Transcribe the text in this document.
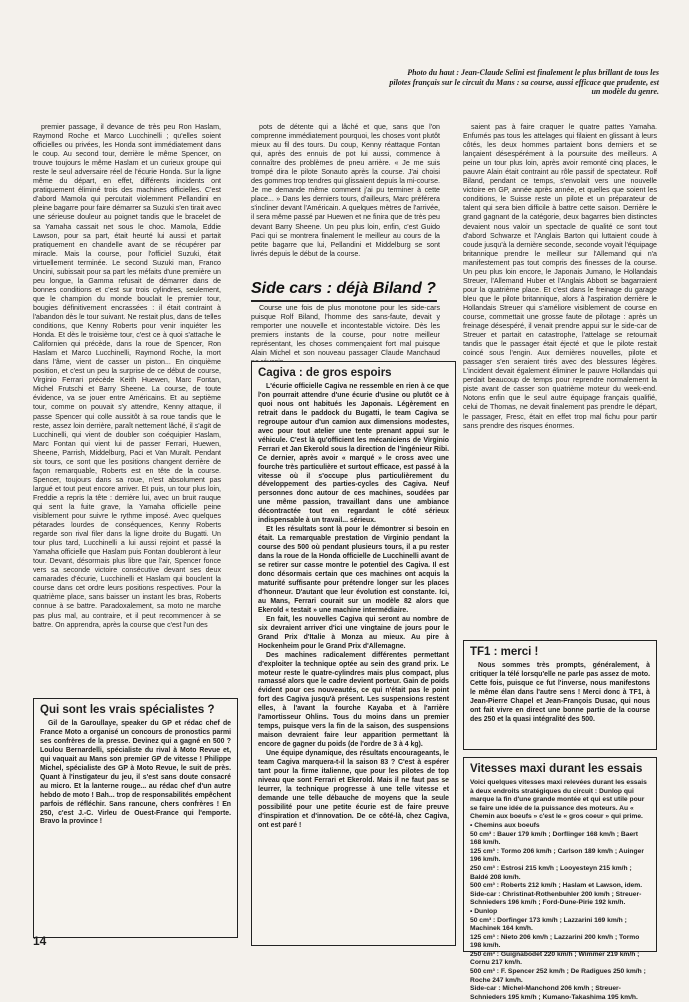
Photo du haut : Jean-Claude Selini est finalement le plus brillant de tous les pilotes français sur le circuit du Mans : sa course, aussi efficace que prudente, est un modèle du genre.

premier passage, il devance de très peu Ron Haslam, Raymond Roche et Marco Lucchinelli ; qu'elles soient officielles ou privées, les Honda sont immédiatement dans le coup. Au second tour, derrière le même Spencer, on trouve toujours le même Haslam et un curieux groupe qui reste le seul adversaire réel de l'écurie Honda. Sur la ligne même du départ, en effet, différents incidents ont pratiquement éliminé trois des machines officielles. C'est d'abord Mamola qui percutait violemment Pellandini en pleine bagarre pour faire démarrer sa Suzuki s'en tirait avec une sérieuse douleur au poignet tandis que le bracelet de sa Yamaha cassait net sous le choc. Mamola, Eddie Lawson, pour sa part, était heurté lui aussi et partait pratiquement en chandelle avant de se récupérer par miracle. Mais la course, pour l'officiel Suzuki, était virtuellement terminée. Le second Suzuki man, Franco Uncini, subissait pour sa part les méfaits d'une première un peu longue, la Gamma refusait de démarrer dans de bonnes conditions et c'est sur trois cylindres, seulement, que le champion du monde bouclait le premier tour, bougies définitivement encrassées : il était contraint à l'abandon dès le tour suivant. Ne restait plus, dans de telles conditions, que Kenny Roberts pour venir inquiéter les Honda. Et dès le troisième tour, c'est ce à quoi s'attache le Californien qui précède, dans la roue de Spencer, Ron Haslam et Marco Lucchinelli, Raymond Roche, la mort dans l'âme, vient de casser un piston... En cinquième position, et c'est un peu la surprise de ce début de course, Virginio Ferrari précède Keith Huewen, Marc Fontan, Michel Frutschi et Barry Sheene. La course, de toute évidence, va se jouer entre Américains. Et au septième tour, comme on pouvait s'y attendre, Kenny attaque, il passe Spencer qui colle aussitôt à sa roue tandis que le reste, assez loin derrière, paraît nettement lâché, il s'agit de Lucchinelli, qui vient de doubler son coéquipier Haslam, Marc Fontan qui vient lui de passer Ferrari, Huewen, Sheene, Parrish, Middelburg, Paci et Van Muralt. Pendant six tours, ce sont que les positions changent derrière de façon remarquable, Roberts est en tête de la course. Spencer, toujours dans sa roue, n'est absolument pas largué et tout peut encore arriver. Et puis, un tour plus loin, Freddie a repris la tête : derrière lui, avec un bruit rauque qui sent la fuite grave, la Yamaha officielle peine visiblement pour suivre le rythme imposé. Avec quelques pétarades lourdes de conséquences, Kenny Roberts regarde son rival filer dans la ligne droite du Bugatti. Un tour plus tard, Lucchinelli a lui aussi rejoint et passé la Yamaha officielle que Haslam puis Fontan doubleront à leur tour. Devant, désormais plus libre que l'air, Spencer fonce vers sa seconde victoire consécutive devant ses deux camarades d'écurie, Lucchinelli et Haslam qui bouclent la course dans cet ordre leurs positions respectives. Pour la quatrième place, sans baisser un instant les bras, Roberts connue à se battre. Paradoxalement, sa moto ne marche pas plus mal, au contraire, et il peut recommencer à se battre. On apprendra, après la course que c'est l'un des

pots de détente qui a lâché et que, sans que l'on comprenne immédiatement pourquoi, les choses vont plutôt mieux au fil des tours. Du coup, Kenny réattaque Fontan qui, après des ennuis de pot lui aussi, commence à connaître des problèmes de pneu arrière. « Je me suis trompé dira le pilote Sonauto après la course. J'ai choisi des gommes trop tendres qui glissaient depuis la mi-course. Je me demande même comment j'ai pu terminer à cette place... » Dans les derniers tours, d'ailleurs, Marc préférera s'incliner devant l'Américain. A quelques mètres de l'arrivée, il sera même passé par Huewen et ne finira que de très peu devant Barry Sheene. Un peu plus loin, enfin, c'est Guido Paci qui se montrera finalement le meilleur au cours de la petite bagarre que lui, Pellandini et Middelburg se sont livrés depuis le début de la course.

Side cars : déjà Biland ?

Course une fois de plus monotone pour les side-cars puisque Rolf Biland, l'homme des sans-faute, devait y remporter une nouvelle et incontestable victoire. Dès les premiers instants de la course, pour notre meilleur représentant, les choses commençaient fort mal puisque Alain Michel et son nouveau passager Claude Manchaud

saient pas à faire craquer le quatre pattes Yamaha. Enfumés pas tous les attelages qui filaient en glissant à leurs côtés, les deux hommes partaient bons derniers et se lançaient désespérément à la poursuite des meilleurs. A peine un tour plus loin, après avoir remonté cinq places, le pauvre Alain était contraint au rôle passif de spectateur. Rolf Biland, pendant ce temps, s'envolait vers une nouvelle victoire en GP, année après année, et quelles que soient les conditions, le Suisse reste un pilote et un préparateur de talent qui sera bien difficile à battre cette saison. Derrière le grand gagnant de la catégorie, deux bagarres bien distinctes devaient nous valoir un spectacle de qualité ce sont tout d'abord Schwarze et l'Anglais Barton qui luttaient coude à coude jusqu'à la dernière seconde, seconde voyait l'équipage britannique prendre le meilleur sur l'Allemand qui n'a manifestement pas tout compris des finesses de la course. Un peu plus loin encore, le Japonais Jumano, le Hollandais Streuer, l'Allemand Huber et l'Anglais Abbott se bagarraient pour la quatrième place. Et c'est dans le freinage du garage bleu que le pilote britannique, alors à l'aspiration derrière le Hollandais Streuer qui s'améliore visiblement de course en course, commettait une grosse faute de pilotage : après un freinage désespéré, il venait prendre appui sur le side-car de Streuer et partait en catastrophe, l'attelage se retournait tandis que le passager était éjecté et que le pilote restait coincé sous l'engin. Aux dernières nouvelles, pilote et passager s'en seraient tirés avec des blessures légères. L'incident devait également éliminer le pauvre Hollandais qui perdait beaucoup de temps pour reprendre normalement la piste avant de casser son quatrième moteur du week-end. Notons enfin que le seul autre équipage français qualifié, celui de Thomas, ne devait finalement pas prendre le départ, le passager, Fresc, était en effet trop mal fichu pour partir sans prendre des risques énormes.

Cagiva : de gros espoirs

L'écurie officielle Cagiva ne ressemble en rien à ce que l'on pourrait attendre d'une écurie d'usine ou plutôt ce à quoi nous ont habitués les Japonais. Légèrement en retrait dans le paddock du Bugatti, le team Cagiva se regroupe autour d'un camion aux dimensions modestes, avec pour tout atelier une tente prenant appui sur le véhicule. C'est là qu'officient les mécaniciens de Virginio Ferrari et Jan Ekerold sous la direction de l'ingénieur Ribi. Ce dernier, après avoir « marqué » le cross avec une fourche très particulière et surtout efficace, est passé à la vitesse où il s'occupe plus particulièrement du développement des parties-cycles des Cagiva. Neuf personnes donc autour de ces machines, soudées par une même passion, travaillant dans une ambiance décontractée tout en regardant le côté sérieux indispensable à un travail... sérieux.

Et les résultats sont là pour le démontrer si besoin en était. La remarquable prestation de Virginio pendant la course des 500 où pendant plusieurs tours, il a pu rester dans la roue de la Honda officielle de Lucchinelli avant de se retirer sur casse montre le potentiel des Cagiva. Il est donc désormais certain que ces machines ont acquis la maturité suffisante pour prétendre longer sur les places d'honneur. D'autant que leur évolution est constante. Ici, au Mans, Ferrari courait sur un modèle 82 alors que Ekerold « testait » une machine intermédiaire.

En fait, les nouvelles Cagiva qui seront au nombre de six devraient arriver d'ici une vingtaine de jours pour le Grand Prix d'Italie à Monza au mieux. Au pire à Hockenheim pour le Grand Prix d'Allemagne.

Des machines radicalement différentes permettant d'exploiter la technique optée au sein des grand prix. Le moteur reste le quatre-cylindres mais plus compact, plus ramassé alors que le cadre devient porteur. Gain de poids évident pour ces nouveautés, ce qui n'était pas le point fort des Cagiva jusqu'à présent. Les suspensions restent elles, à l'avant la fourche Kayaba et à l'arrière l'amortisseur Ohlins. Tous du moins dans un premier temps, puisque vers la fin de la saison, des suspensions maison devraient faire leur apparition permettant là encore de gagner du poids (de l'ordre de 3 à 4 kg).

Une équipe dynamique, des résultats encourageants, le team Cagiva marquera-t-il la saison 83 ? C'est à espérer tant pour la firme italienne, que pour les pilotes de top niveau que sont Ferrari et Ekerold. Mais il ne faut pas se leurrer, la technique progresse à une telle vitesse et demande une telle débauche de moyens que la seule possibilité pour une petite écurie est de faire preuve d'inspiration et d'innovation. De ce côté-là, chez Cagiva, ont est paré !

TF1 : merci !

Nous sommes très prompts, généralement, à critiquer la télé lorsqu'elle ne parle pas assez de moto. Cette fois, puisque ce fut l'inverse, nous manifestons le même élan dans l'autre sens ! Merci donc à TF1, à Jean-Pierre Chapel et Jean-François Dusac, qui nous ont fait vivre en direct une bonne partie de la course des 250 et la quasi intégralité des 500.

Vitesses maxi durant les essais
Voici quelques vitesses maxi relevées durant les essais à deux endroits stratégiques du circuit : Dunlop qui marque la fin d'une grande montée et qui est utile pour se faire une idée de la puissance des moteurs. Au « Chemin aux boeufs » c'est le « gros coeur » qui prime.
• Chemins aux boeufs
50 cm³ : Bauer 179 km/h ; Dorflinger 168 km/h ; Baert 168 km/h.
125 cm³ : Tormo 206 km/h ; Carlson 189 km/h ; Auinger 196 km/h.
250 cm³ : Estrosi 215 km/h ; Looyesteyn 215 km/h ; Baldé 208 km/h.
500 cm³ : Roberts 212 km/h ; Haslam et Lawson, idem.
Side-car : Christinat-Rothenbuhler 200 km/h ; Streuer-Schnieders 196 km/h ; Ford-Dune-Pirie 192 km/h.
• Dunlop
50 cm³ : Dorfinger 173 km/h ; Lazzarini 169 km/h ; Machinek 164 km/h.
125 cm³ : Nieto 206 km/h ; Lazzarini 200 km/h ; Tormo 198 km/h.
250 cm³ : Guignabodet 220 km/h ; Wimmer 219 km/h ; Cornu 217 km/h.
500 cm³ : F. Spencer 252 km/h ; De Radigues 250 km/h ; Roche 247 km/h.
Side-car : Michel-Manchond 206 km/h ; Streuer-Schnieders 195 km/h ; Kumano-Takashima 195 km/h.
Qui sont les vrais spécialistes ?

Gil de la Garoullaye, speaker du GP et rédac chef de France Moto a organisé un concours de pronostics parmi ses confrères de la presse. Devinez qui a gagné en 500 ? Loulou Bernardelli, spécialiste du rival à Moto Revue et, qui vaquait au Mans son premier GP de vitesse ! Philippe Michel, spécialiste des GP à Moto Revue, le suit de près. Quant à l'instigateur du jeu, il s'est sans doute consacré au micro. Et la lanterne rouge... au rédac chef d'un autre hebdo de moto ! Bah... trop de responsabilités empêchent parfois de réfléchir. Sans rancune, chers confrères ! En 250, c'est J.-C. Virleu de Ouest-France qui l'emporte. Bravo la province !

14
